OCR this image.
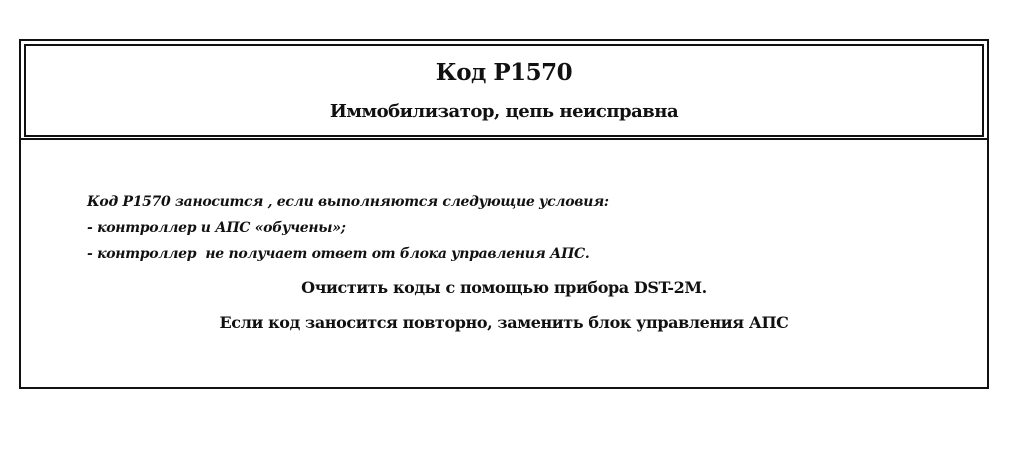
Код P1570
Иммобилизатор, цепь неисправна
Код P1570 заносится , если выполняются следующие условия:
- контроллер и АПС «обучены»;
- контроллер  не получает ответ от блока управления АПС.
Очистить коды с помощью прибора DST-2M.
Если код заносится повторно, заменить блок управления АПС
